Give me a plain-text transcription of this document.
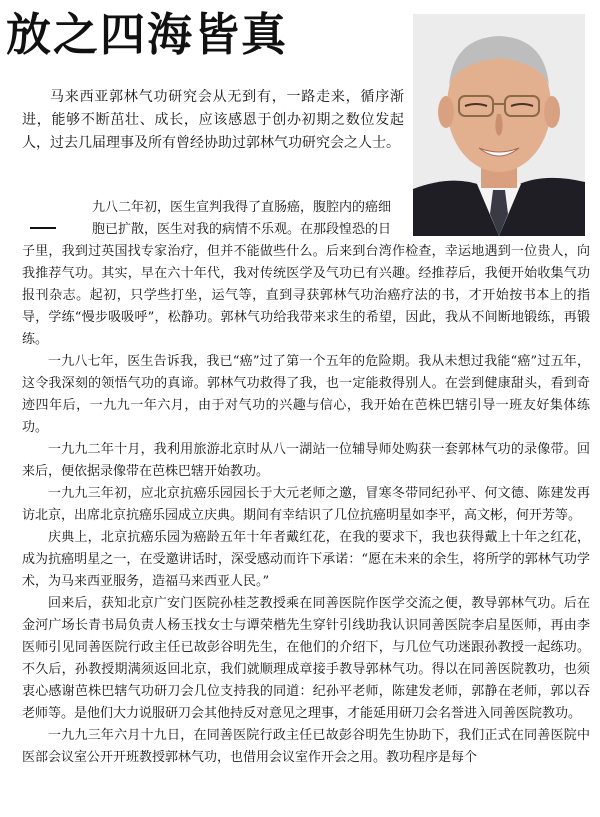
放之四海皆真

马来西亚郭林气功研究会从无到有，一路走来，循序渐进，能够不断茁壮、成长，应该感恩于创办初期之数位发起人，过去几届理事及所有曾经协助过郭林气功研究会之人士。

九八二年初，医生宣判我得了直肠癌，腹腔内的癌细

胞已扩散，医生对我的病情不乐观。在那段惶恐的日

子里，我到过英国找专家治疗，但并不能做些什么。后来到台湾作检查，幸运地遇到一位贵人，向我推荐气功。其实，早在六十年代，我对传统医学及气功已有兴趣。经推荐后，我便开始收集气功报刊杂志。起初，只学些打坐，运气等，直到寻获郭林气功治癌疗法的书，才开始按书本上的指导，学练“慢步吸吸呼”，松静功。郭林气功给我带来求生的希望，因此，我从不间断地锻练，再锻练。

一九八七年，医生告诉我，我已“癌”过了第一个五年的危险期。我从未想过我能“癌”过五年，这令我深刻的领悟气功的真谛。郭林气功救得了我，也一定能救得别人。在尝到健康甜头，看到奇迹四年后，一九九一年六月，由于对气功的兴趣与信心，我开始在芭株巴辖引导一班友好集体练功。

一九九二年十月，我利用旅游北京时从八一湖站一位辅导师处购获一套郭林气功的录像带。回来后，便依据录像带在芭株巴辖开始教功。

一九九三年初，应北京抗癌乐园园长于大元老师之邀，冒寒冬带同纪孙平、何文德、陈建发再访北京，出席北京抗癌乐园成立庆典。期间有幸结识了几位抗癌明星如李平，高文彬，何开芳等。

庆典上，北京抗癌乐园为癌龄五年十年者戴红花，在我的要求下，我也获得戴上十年之红花，成为抗癌明星之一，在受邀讲话时，深受感动而许下承诺：“愿在未来的余生，将所学的郭林气功学术，为马来西亚服务，造福马来西亚人民。”

回来后，获知北京广安门医院孙桂芝教授乘在同善医院作医学交流之便，教导郭林气功。后在金河广场长青书局负责人杨玉找女士与谭荣楷先生穿针引线助我认识同善医院李启星医师，再由李医师引见同善医院行政主任已故彭谷明先生，在他们的介绍下，与几位气功迷跟孙教授一起练功。不久后，孙教授期满须返回北京，我们就顺理成章接手教导郭林气功。得以在同善医院教功，也须衷心感谢芭株巴辖气功研刀会几位支持我的同道：纪孙平老师，陈建发老师，郭静在老师，郭以吞老师等。是他们大力说服研刀会其他持反对意见之理事，才能延用研刀会名誉进入同善医院教功。

一九九三年六月十九日，在同善医院行政主任已故彭谷明先生协助下，我们正式在同善医院中医部会议室公开开班教授郭林气功，也借用会议室作开会之用。教功程序是每个
